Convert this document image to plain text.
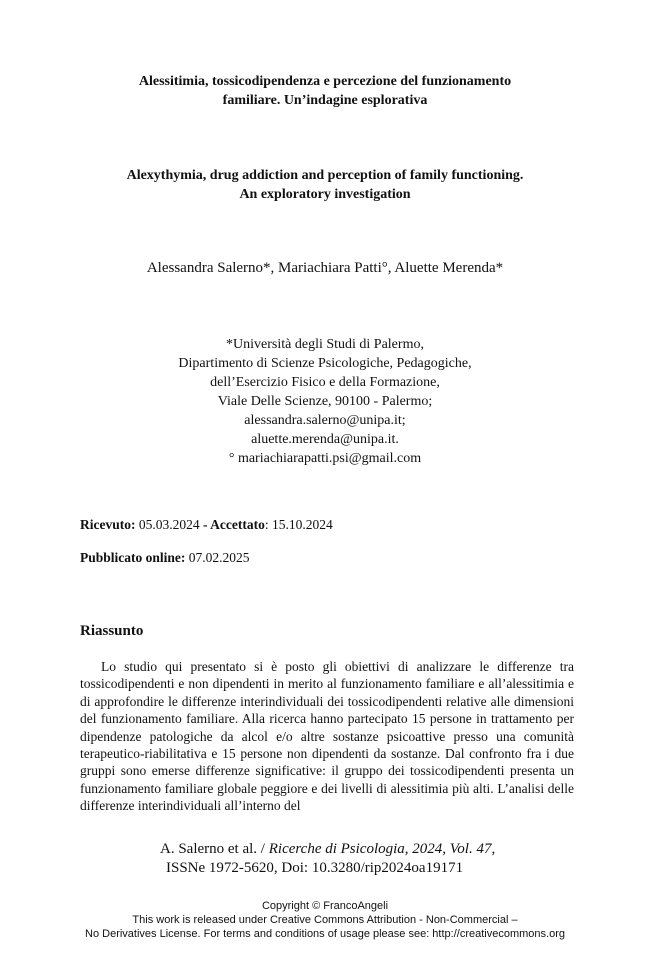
Alessitimia, tossicodipendenza e percezione del funzionamento
familiare. Un’indagine esplorativa
Alexythymia, drug addiction and perception of family functioning.
An exploratory investigation
Alessandra Salerno*, Mariachiara Patti°, Aluette Merenda*
*Università degli Studi di Palermo,
Dipartimento di Scienze Psicologiche, Pedagogiche,
dell’Esercizio Fisico e della Formazione,
Viale Delle Scienze, 90100 - Palermo;
alessandra.salerno@unipa.it;
aluette.merenda@unipa.it.
° mariachiarapatti.psi@gmail.com
Ricevuto: 05.03.2024 - Accettato: 15.10.2024
Pubblicato online: 07.02.2025
Riassunto

Lo studio qui presentato si è posto gli obiettivi di analizzare le differenze tra tossicodipendenti e non dipendenti in merito al funzionamento familiare e all’alessitimia e di approfondire le differenze interindividuali dei tossicodipendenti relative alle dimensioni del funzionamento familiare. Alla ricerca hanno partecipato 15 persone in trattamento per dipendenze patologiche da alcol e/o altre sostanze psicoattive presso una comunità terapeutico-riabilitativa e 15 persone non dipendenti da sostanze. Dal confronto fra i due gruppi sono emerse differenze significative: il gruppo dei tossicodipendenti presenta un funzionamento familiare globale peggiore e dei livelli di alessitimia più alti. L’analisi delle differenze interindividuali all’interno del

A. Salerno et al. / Ricerche di Psicologia, 2024, Vol. 47,
ISSNe 1972-5620, Doi: 10.3280/rip2024oa19171
Copyright © FrancoAngeli
This work is released under Creative Commons Attribution - Non-Commercial –
No Derivatives License. For terms and conditions of usage please see: http://creativecommons.org
